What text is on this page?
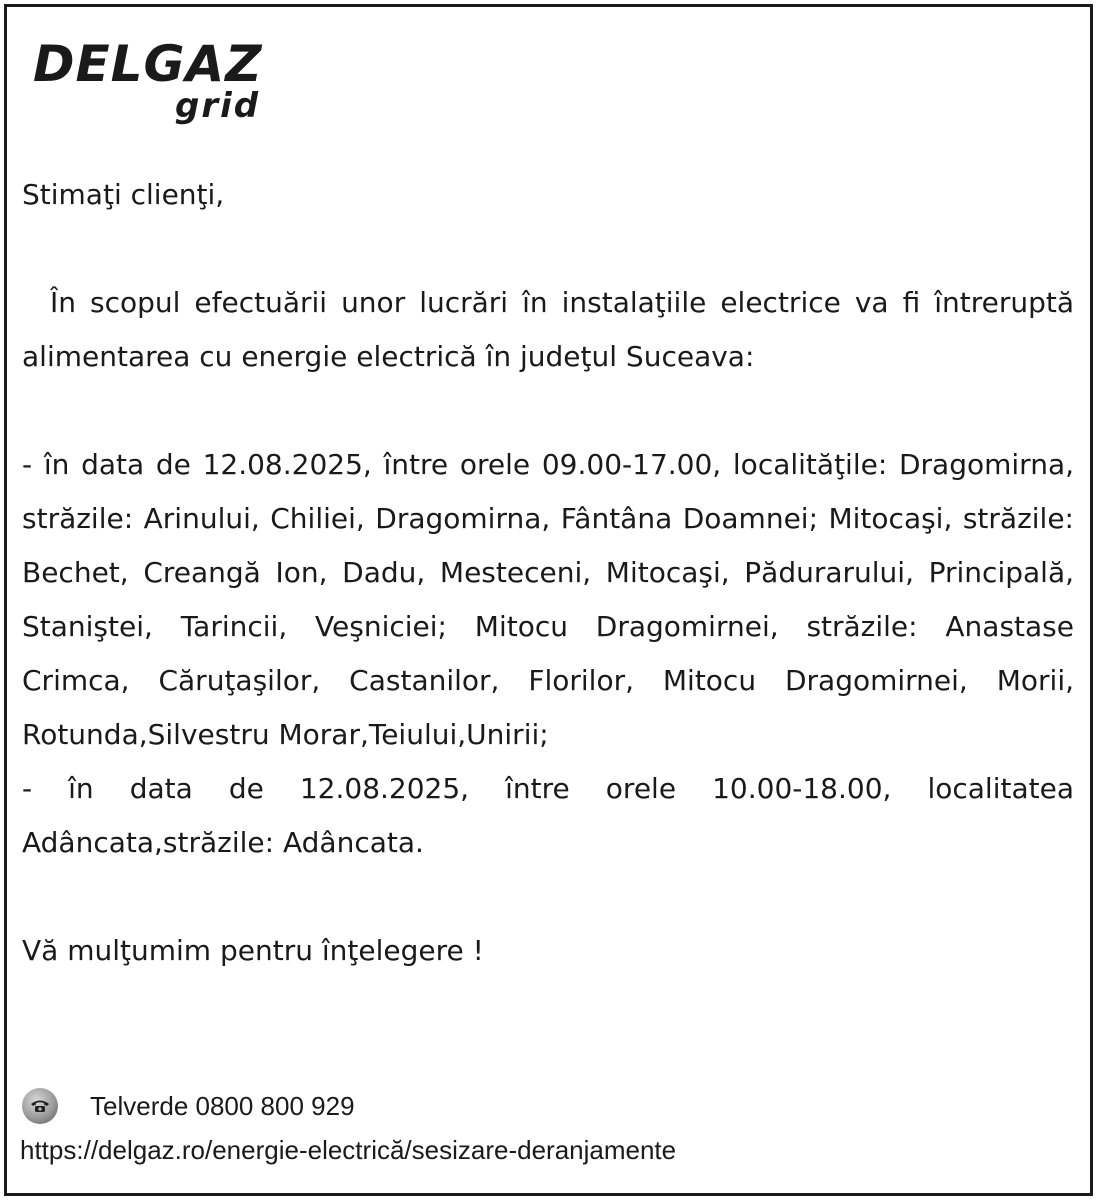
DELGAZ
grid

Stimaţi clienţi,

În scopul efectuării unor lucrări în instalaţiile electrice va fi întreruptă alimentarea cu energie electrică în judeţul Suceava:

- în data de 12.08.2025, între orele 09.00-17.00, localităţile: Dragomirna, străzile: Arinului, Chiliei, Dragomirna, Fântâna Doamnei; Mitocaşi, străzile: Bechet, Creangă Ion, Dadu, Mesteceni, Mitocaşi, Pădurarului, Principală, Staniştei, Tarincii, Veşniciei; Mitocu Dragomirnei, străzile: Anastase Crimca, Căruţaşilor, Castanilor, Florilor, Mitocu Dragomirnei, Morii, Rotunda,Silvestru Morar,Teiului,Unirii;

- în data de 12.08.2025, între orele 10.00-18.00, localitatea Adâncata,străzile: Adâncata.

Vă mulţumim pentru înţelegere !

Telverde 0800 800 929
https://delgaz.ro/energie-electrică/sesizare-deranjamente
